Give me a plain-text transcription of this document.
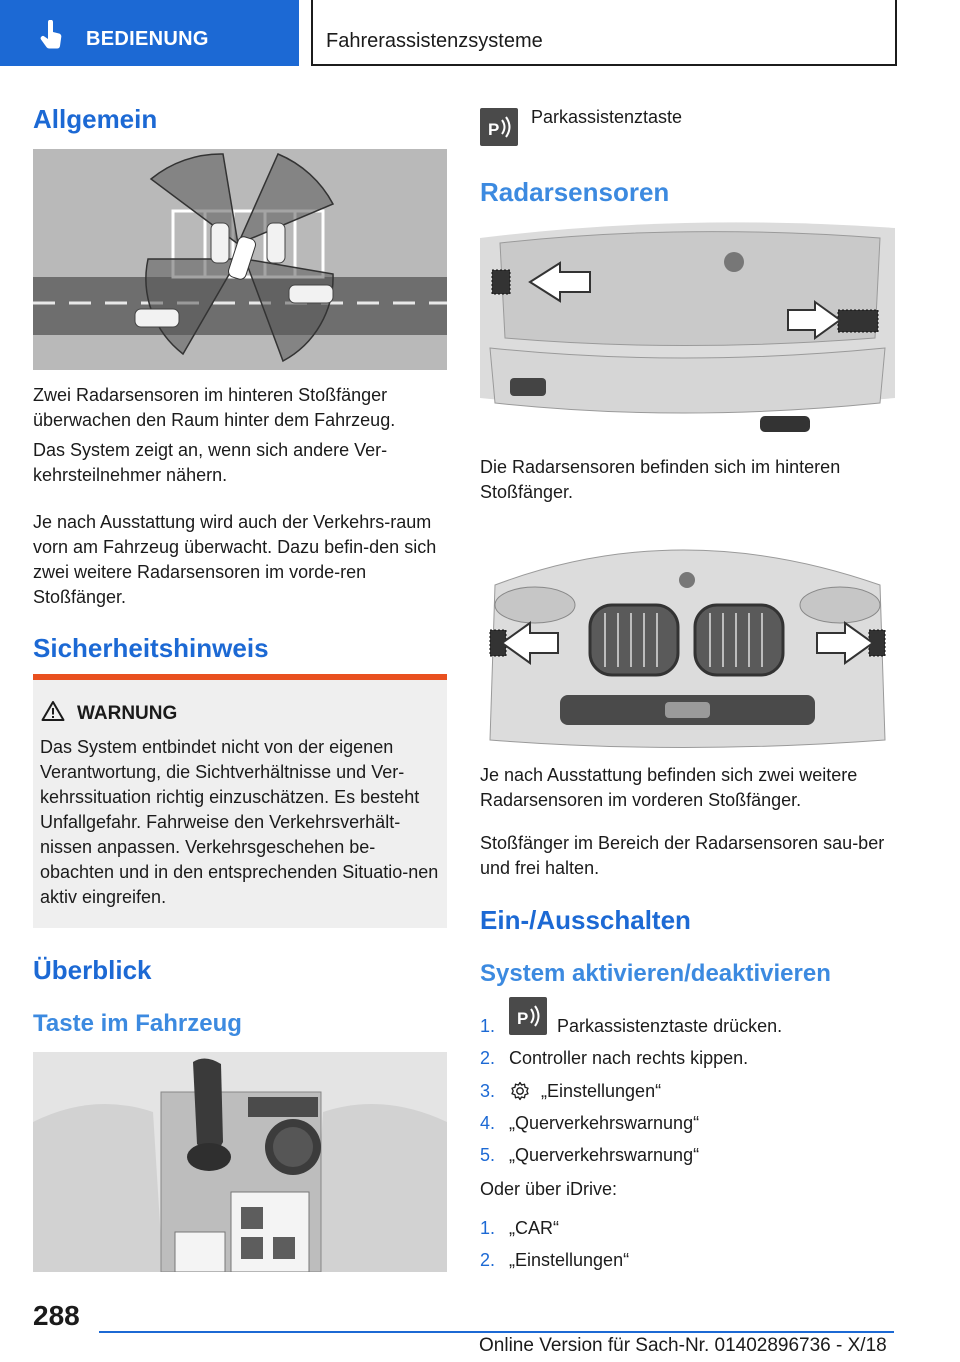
BEDIENUNG	Fahrerassistenzsysteme
Allgemein
Zwei Radarsensoren im hinteren Stoßfänger überwachen den Raum hinter dem Fahrzeug.
Das System zeigt an, wenn sich andere Ver-kehrsteilnehmer nähern.
Je nach Ausstattung wird auch der Verkehrs-raum vorn am Fahrzeug überwacht. Dazu befin-den sich zwei weitere Radarsensoren im vorde-ren Stoßfänger.
Sicherheitshinweis
WARNUNG
Das System entbindet nicht von der eigenen Verantwortung, die Sichtverhältnisse und Ver-kehrssituation richtig einzuschätzen. Es besteht Unfallgefahr. Fahrweise den Verkehrsverhält-nissen anpassen. Verkehrsgeschehen be-obachten und in den entsprechenden Situatio-nen aktiv eingreifen.
Überblick
Taste im Fahrzeug
P
Parkassistenztaste
Radarsensoren
Die Radarsensoren befinden sich im hinteren Stoßfänger.
Je nach Ausstattung befinden sich zwei weitere Radarsensoren im vorderen Stoßfänger.
Stoßfänger im Bereich der Radarsensoren sau-ber und frei halten.
Ein-/Ausschalten
System aktivieren/deaktivieren
1. P Parkassistenztaste drücken.
2. Controller nach rechts kippen.
3.	„Einstellungen“
4. „Querverkehrswarnung“
5. „Querverkehrswarnung“
Oder über iDrive:
1. „CAR“
2. „Einstellungen“
288
Online Version für Sach-Nr. 01402896736 - X/18
